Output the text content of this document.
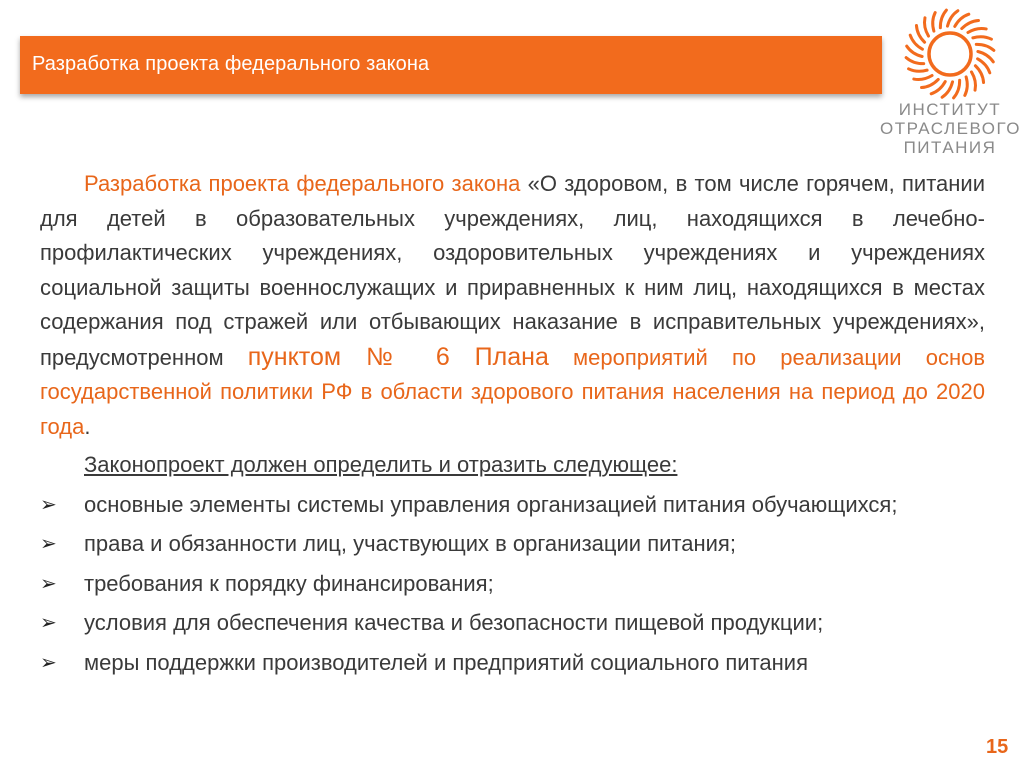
Разработка проекта федерального закона
ИНСТИТУТ
ОТРАСЛЕВОГО
ПИТАНИЯ

Разработка проекта федерального закона «О здоровом, в том числе горячем, питании для детей в образовательных учреждениях, лиц, находящихся в лечебно-профилактических учреждениях, оздоровительных учреждениях и учреждениях социальной защиты военнослужащих и приравненных к ним лиц, находящихся в местах содержания под стражей или отбывающих наказание в исправительных учреждениях», предусмотренном пунктом № 6 Плана мероприятий по реализации основ государственной политики РФ в области здорового питания населения на период до 2020 года.

Законопроект должен определить и отразить следующее:

➢	основные элементы системы управления организацией питания обучающихся;
➢	права и обязанности лиц, участвующих в организации питания;
➢	требования к порядку финансирования;
➢	условия для обеспечения качества и безопасности пищевой продукции;
➢	меры поддержки производителей и предприятий социального питания
15
